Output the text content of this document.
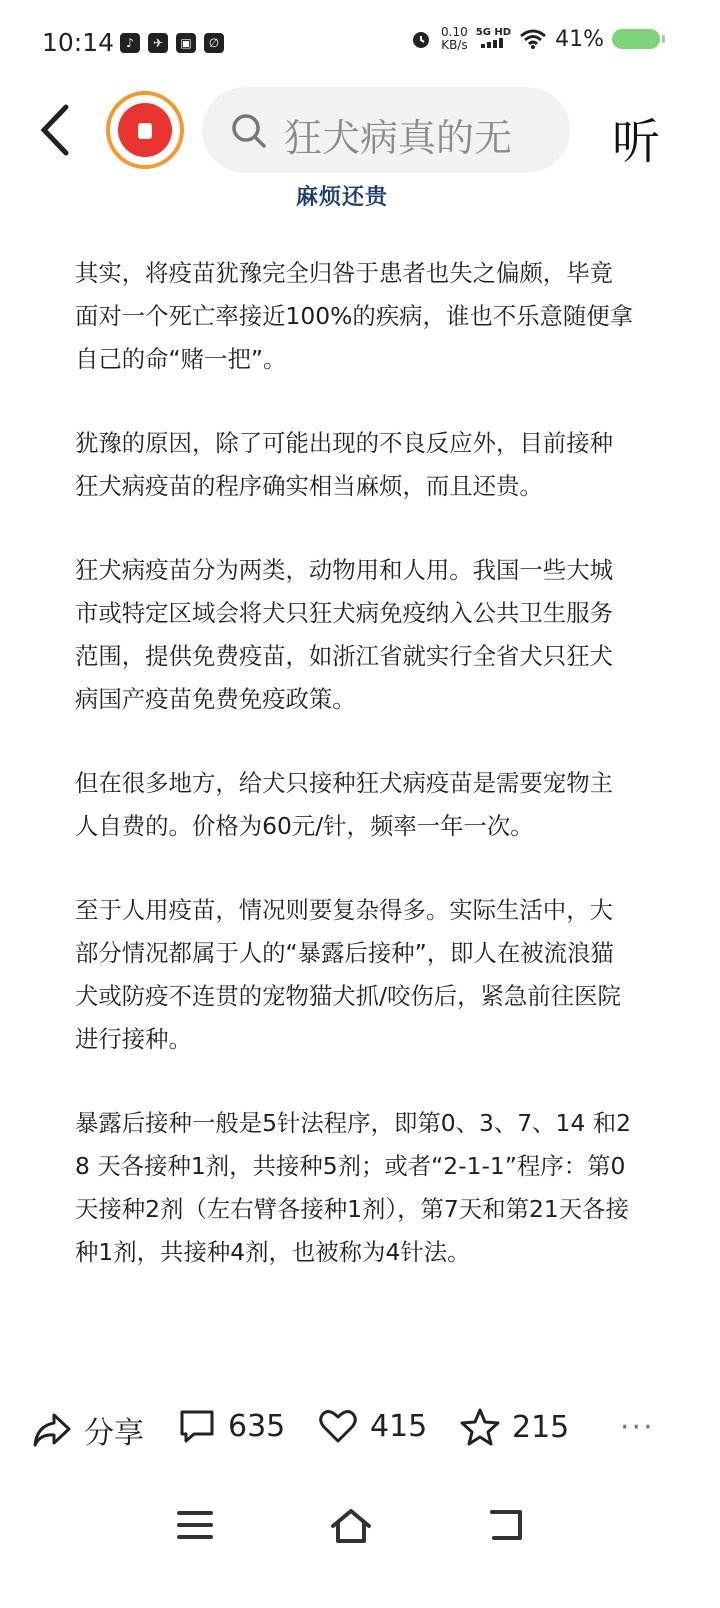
10:14	♪	✈	▣	∅
0.10
KB/s
5G HD 41%
狂犬病真的无 听
麻烦还贵

其实，将疫苗犹豫完全归咎于患者也失之偏颇，毕竟面对一个死亡率接近100%的疾病，谁也不乐意随便拿自己的命“赌一把”。

犹豫的原因，除了可能出现的不良反应外，目前接种狂犬病疫苗的程序确实相当麻烦，而且还贵。

狂犬病疫苗分为两类，动物用和人用。我国一些大城市或特定区域会将犬只狂犬病免疫纳入公共卫生服务范围，提供免费疫苗，如浙江省就实行全省犬只狂犬病国产疫苗免费免疫政策。

但在很多地方，给犬只接种狂犬病疫苗是需要宠物主人自费的。价格为60元/针，频率一年一次。

至于人用疫苗，情况则要复杂得多。实际生活中，大部分情况都属于人的“暴露后接种”，即人在被流浪猫犬或防疫不连贯的宠物猫犬抓/咬伤后，紧急前往医院进行接种。

暴露后接种一般是5针法程序，即第0、3、7、14 和28 天各接种1剂，共接种5剂；或者“2-1-1”程序：第0天接种2剂（左右臂各接种1剂），第7天和第21天各接种1剂，共接种4剂，也被称为4针法。

分享	635	415	215 ···
